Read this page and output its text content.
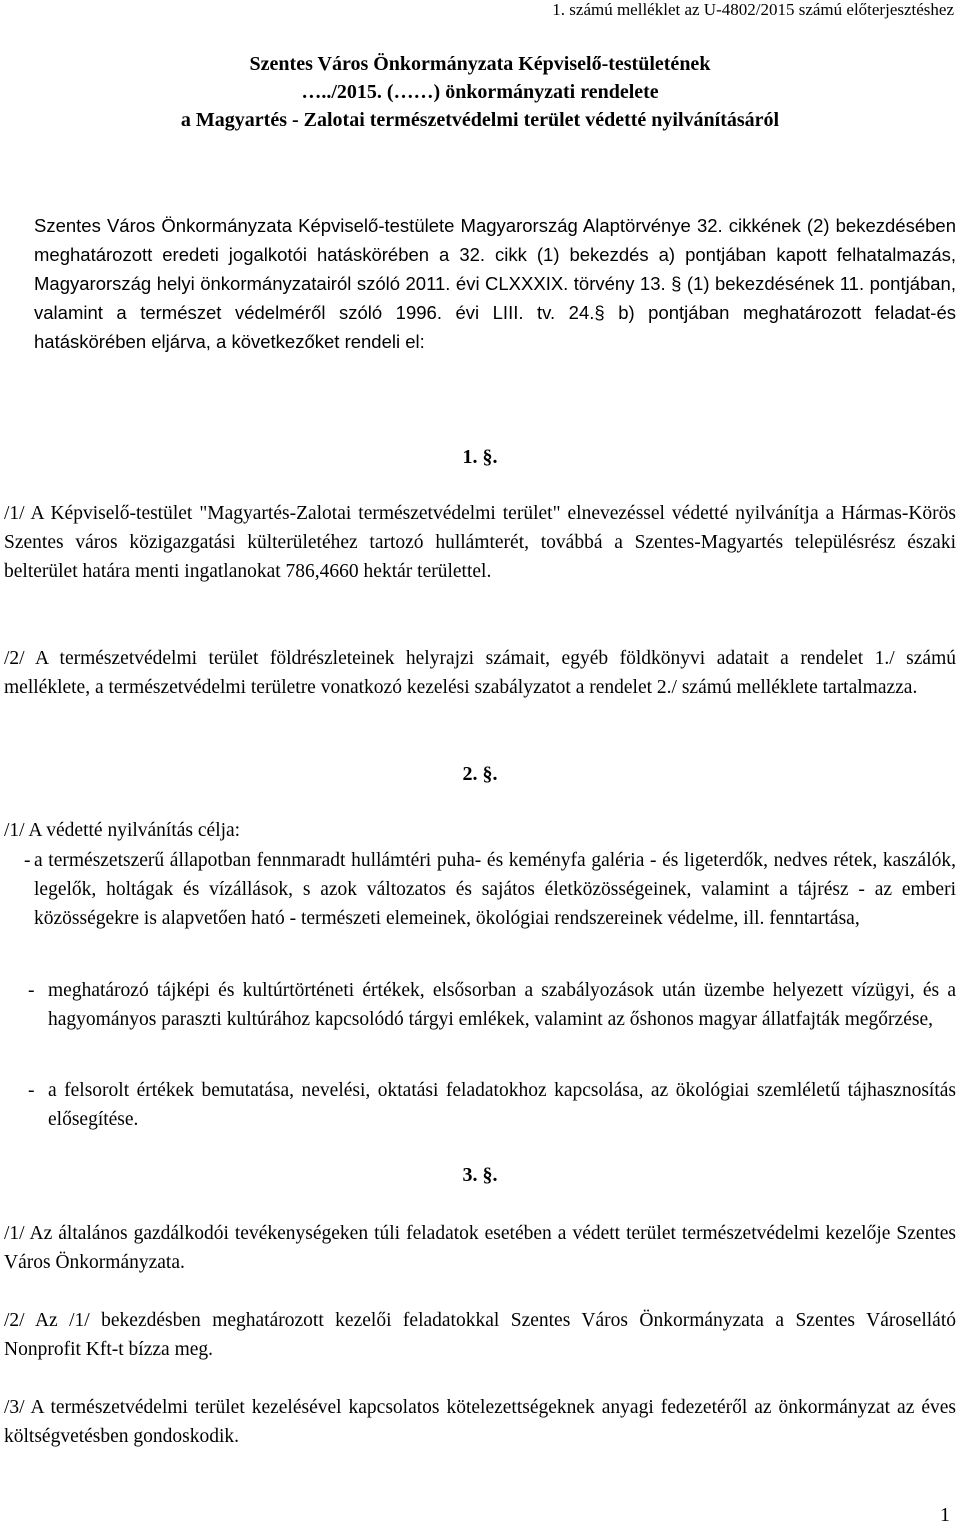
1. számú melléklet az U-4802/2015 számú előterjesztéshez
Szentes Város Önkormányzata Képviselő-testületének
…../2015. (……) önkormányzati rendelete
a Magyartés - Zalotai természetvédelmi terület védetté nyilvánításáról
Szentes Város Önkormányzata Képviselő-testülete Magyarország Alaptörvénye 32. cikkének (2) bekezdésében meghatározott eredeti jogalkotói hatáskörében a 32. cikk (1) bekezdés a) pontjában kapott felhatalmazás, Magyarország helyi önkormányzatairól szóló 2011. évi CLXXXIX. törvény 13. § (1) bekezdésének 11. pontjában, valamint a természet védelméről szóló 1996. évi LIII. tv. 24.§ b) pontjában meghatározott feladat-és hatáskörében eljárva, a következőket rendeli el:
1. §.
/1/ A Képviselő-testület "Magyartés-Zalotai természetvédelmi terület" elnevezéssel védetté nyilvánítja a Hármas-Körös Szentes város közigazgatási külterületéhez tartozó hullámterét, továbbá a Szentes-Magyartés településrész északi belterület határa menti ingatlanokat 786,4660 hektár területtel.
/2/ A természetvédelmi terület földrészleteinek helyrajzi számait, egyéb földkönyvi adatait a rendelet 1./ számú melléklete, a természetvédelmi területre vonatkozó kezelési szabályzatot a rendelet 2./ számú melléklete tartalmazza.
2. §.
/1/ A védetté nyilvánítás célja:
- a természetszerű állapotban fennmaradt hullámtéri puha- és keményfa galéria - és ligeterdők, nedves rétek, kaszálók, legelők, holtágak és vízállások, s azok változatos és sajátos életközösségeinek, valamint a tájrész - az emberi közösségekre is alapvetően ható - természeti elemeinek, ökológiai rendszereinek védelme, ill. fenntartása,
- meghatározó tájképi és kultúrtörténeti értékek, elsősorban a szabályozások után üzembe helyezett vízügyi, és a hagyományos paraszti kultúrához kapcsolódó tárgyi emlékek, valamint az őshonos magyar állatfajták megőrzése,
- a felsorolt értékek bemutatása, nevelési, oktatási feladatokhoz kapcsolása, az ökológiai szemléletű tájhasznosítás elősegítése.
3. §.
/1/ Az általános gazdálkodói tevékenységeken túli feladatok esetében a védett terület természetvédelmi kezelője Szentes Város Önkormányzata.
/2/ Az /1/ bekezdésben meghatározott kezelői feladatokkal Szentes Város Önkormányzata a Szentes Városellátó Nonprofit Kft-t bízza meg.
/3/ A természetvédelmi terület kezelésével kapcsolatos kötelezettségeknek anyagi fedezetéről az önkormányzat az éves költségvetésben gondoskodik.
1
